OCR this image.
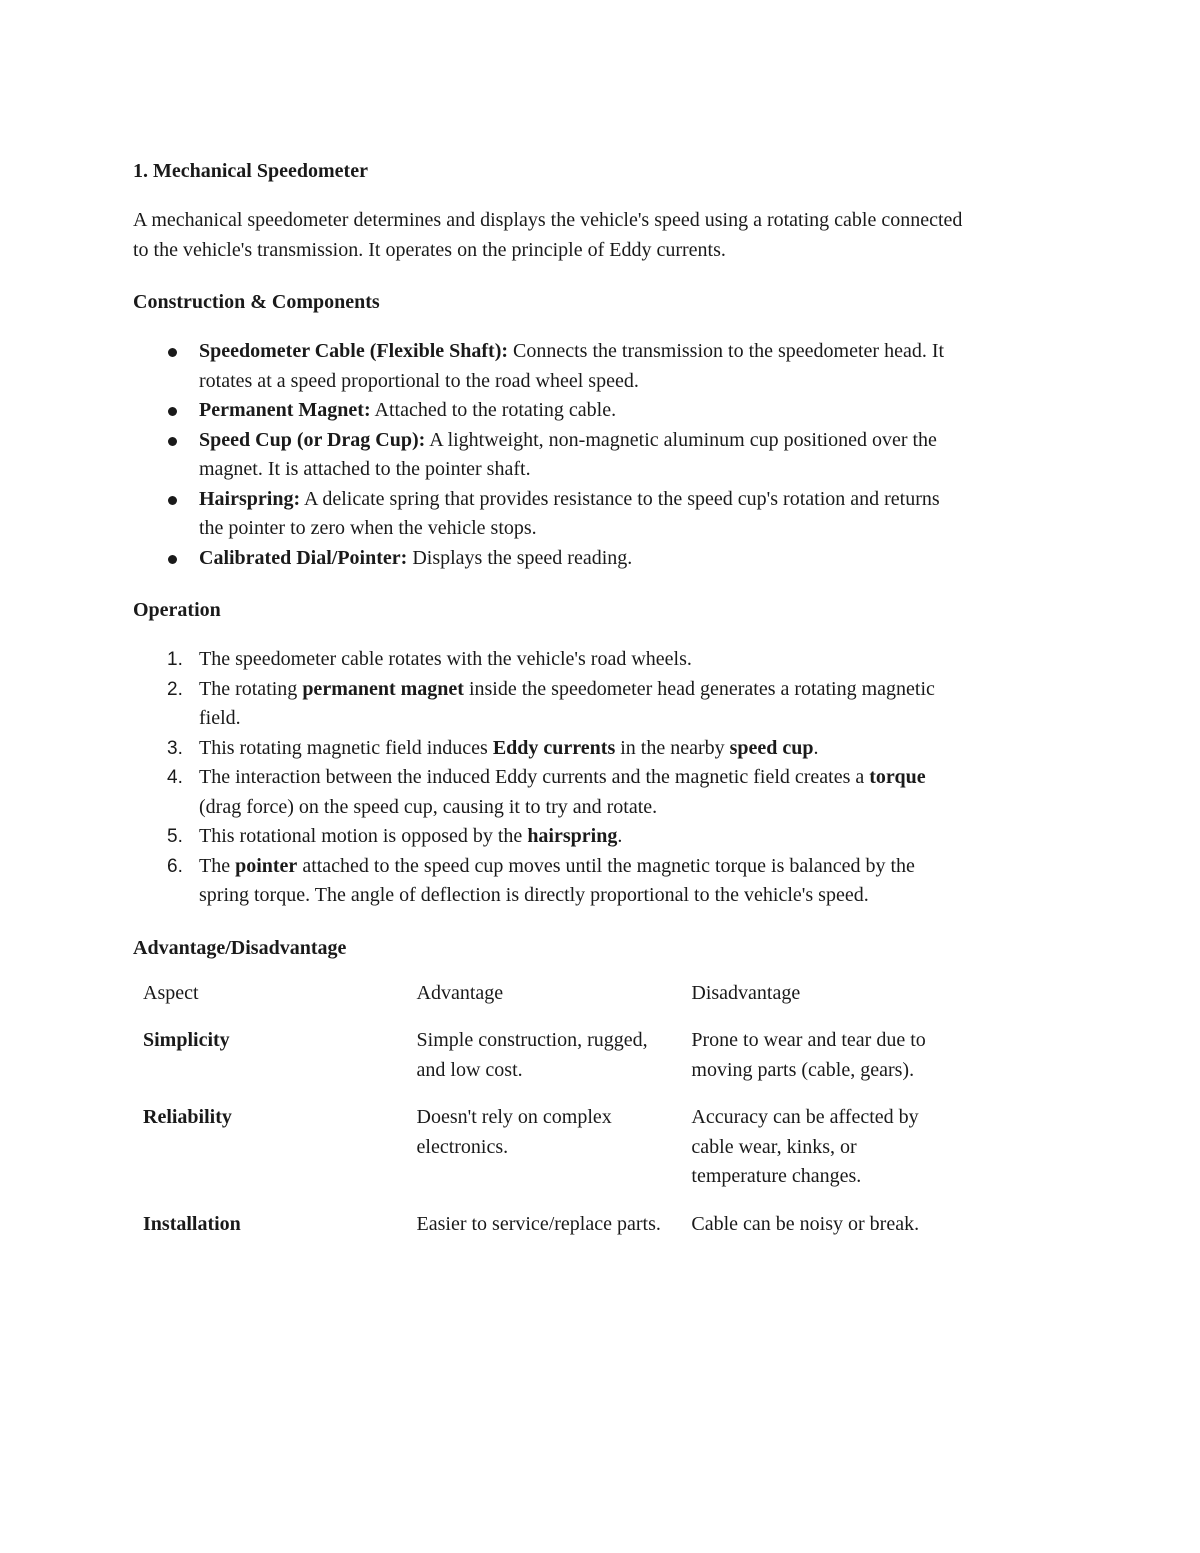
1. Mechanical Speedometer
A mechanical speedometer determines and displays the vehicle's speed using a rotating cable connected to the vehicle's transmission. It operates on the principle of Eddy currents.
Construction & Components
Speedometer Cable (Flexible Shaft): Connects the transmission to the speedometer head. It rotates at a speed proportional to the road wheel speed.
Permanent Magnet: Attached to the rotating cable.
Speed Cup (or Drag Cup): A lightweight, non-magnetic aluminum cup positioned over the magnet. It is attached to the pointer shaft.
Hairspring: A delicate spring that provides resistance to the speed cup's rotation and returns the pointer to zero when the vehicle stops.
Calibrated Dial/Pointer: Displays the speed reading.
Operation
1. The speedometer cable rotates with the vehicle's road wheels.
2. The rotating permanent magnet inside the speedometer head generates a rotating magnetic field.
3. This rotating magnetic field induces Eddy currents in the nearby speed cup.
4. The interaction between the induced Eddy currents and the magnetic field creates a torque (drag force) on the speed cup, causing it to try and rotate.
5. This rotational motion is opposed by the hairspring.
6. The pointer attached to the speed cup moves until the magnetic torque is balanced by the spring torque. The angle of deflection is directly proportional to the vehicle's speed.
Advantage/Disadvantage
Aspect	Advantage	Disadvantage
Simplicity	Simple construction, rugged, and low cost.	Prone to wear and tear due to moving parts (cable, gears).
Reliability	Doesn't rely on complex electronics.	Accuracy can be affected by cable wear, kinks, or temperature changes.
Installation	Easier to service/replace parts.	Cable can be noisy or break.
